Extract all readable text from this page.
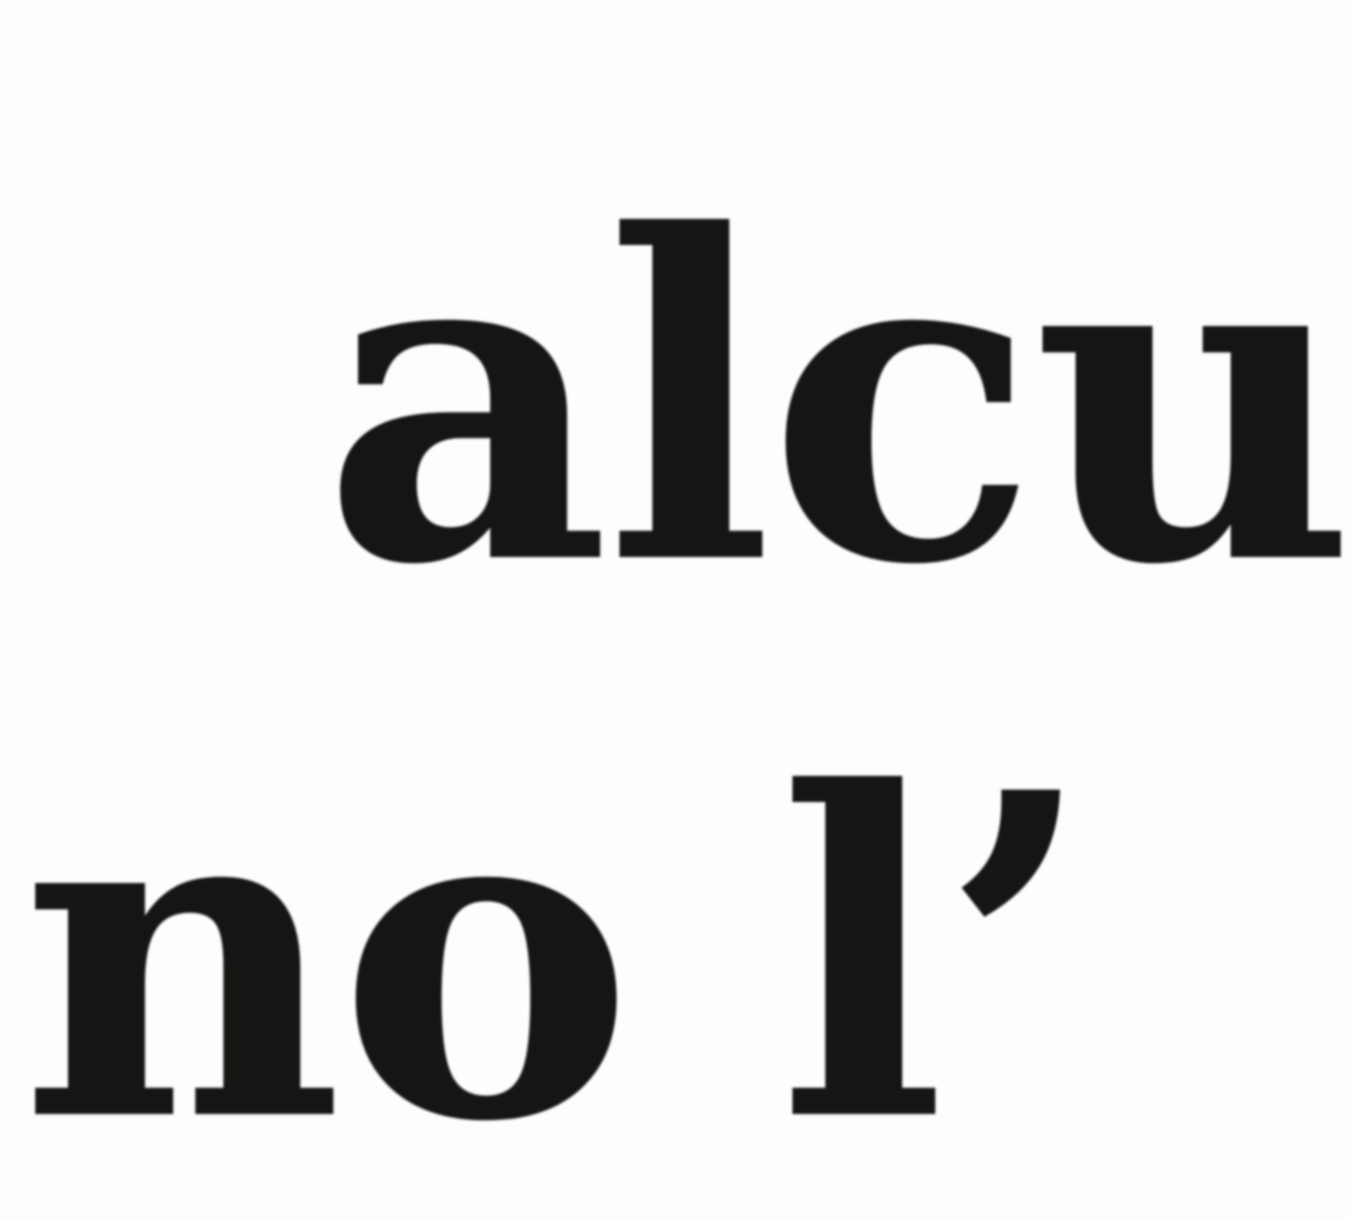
alcu

no l’
